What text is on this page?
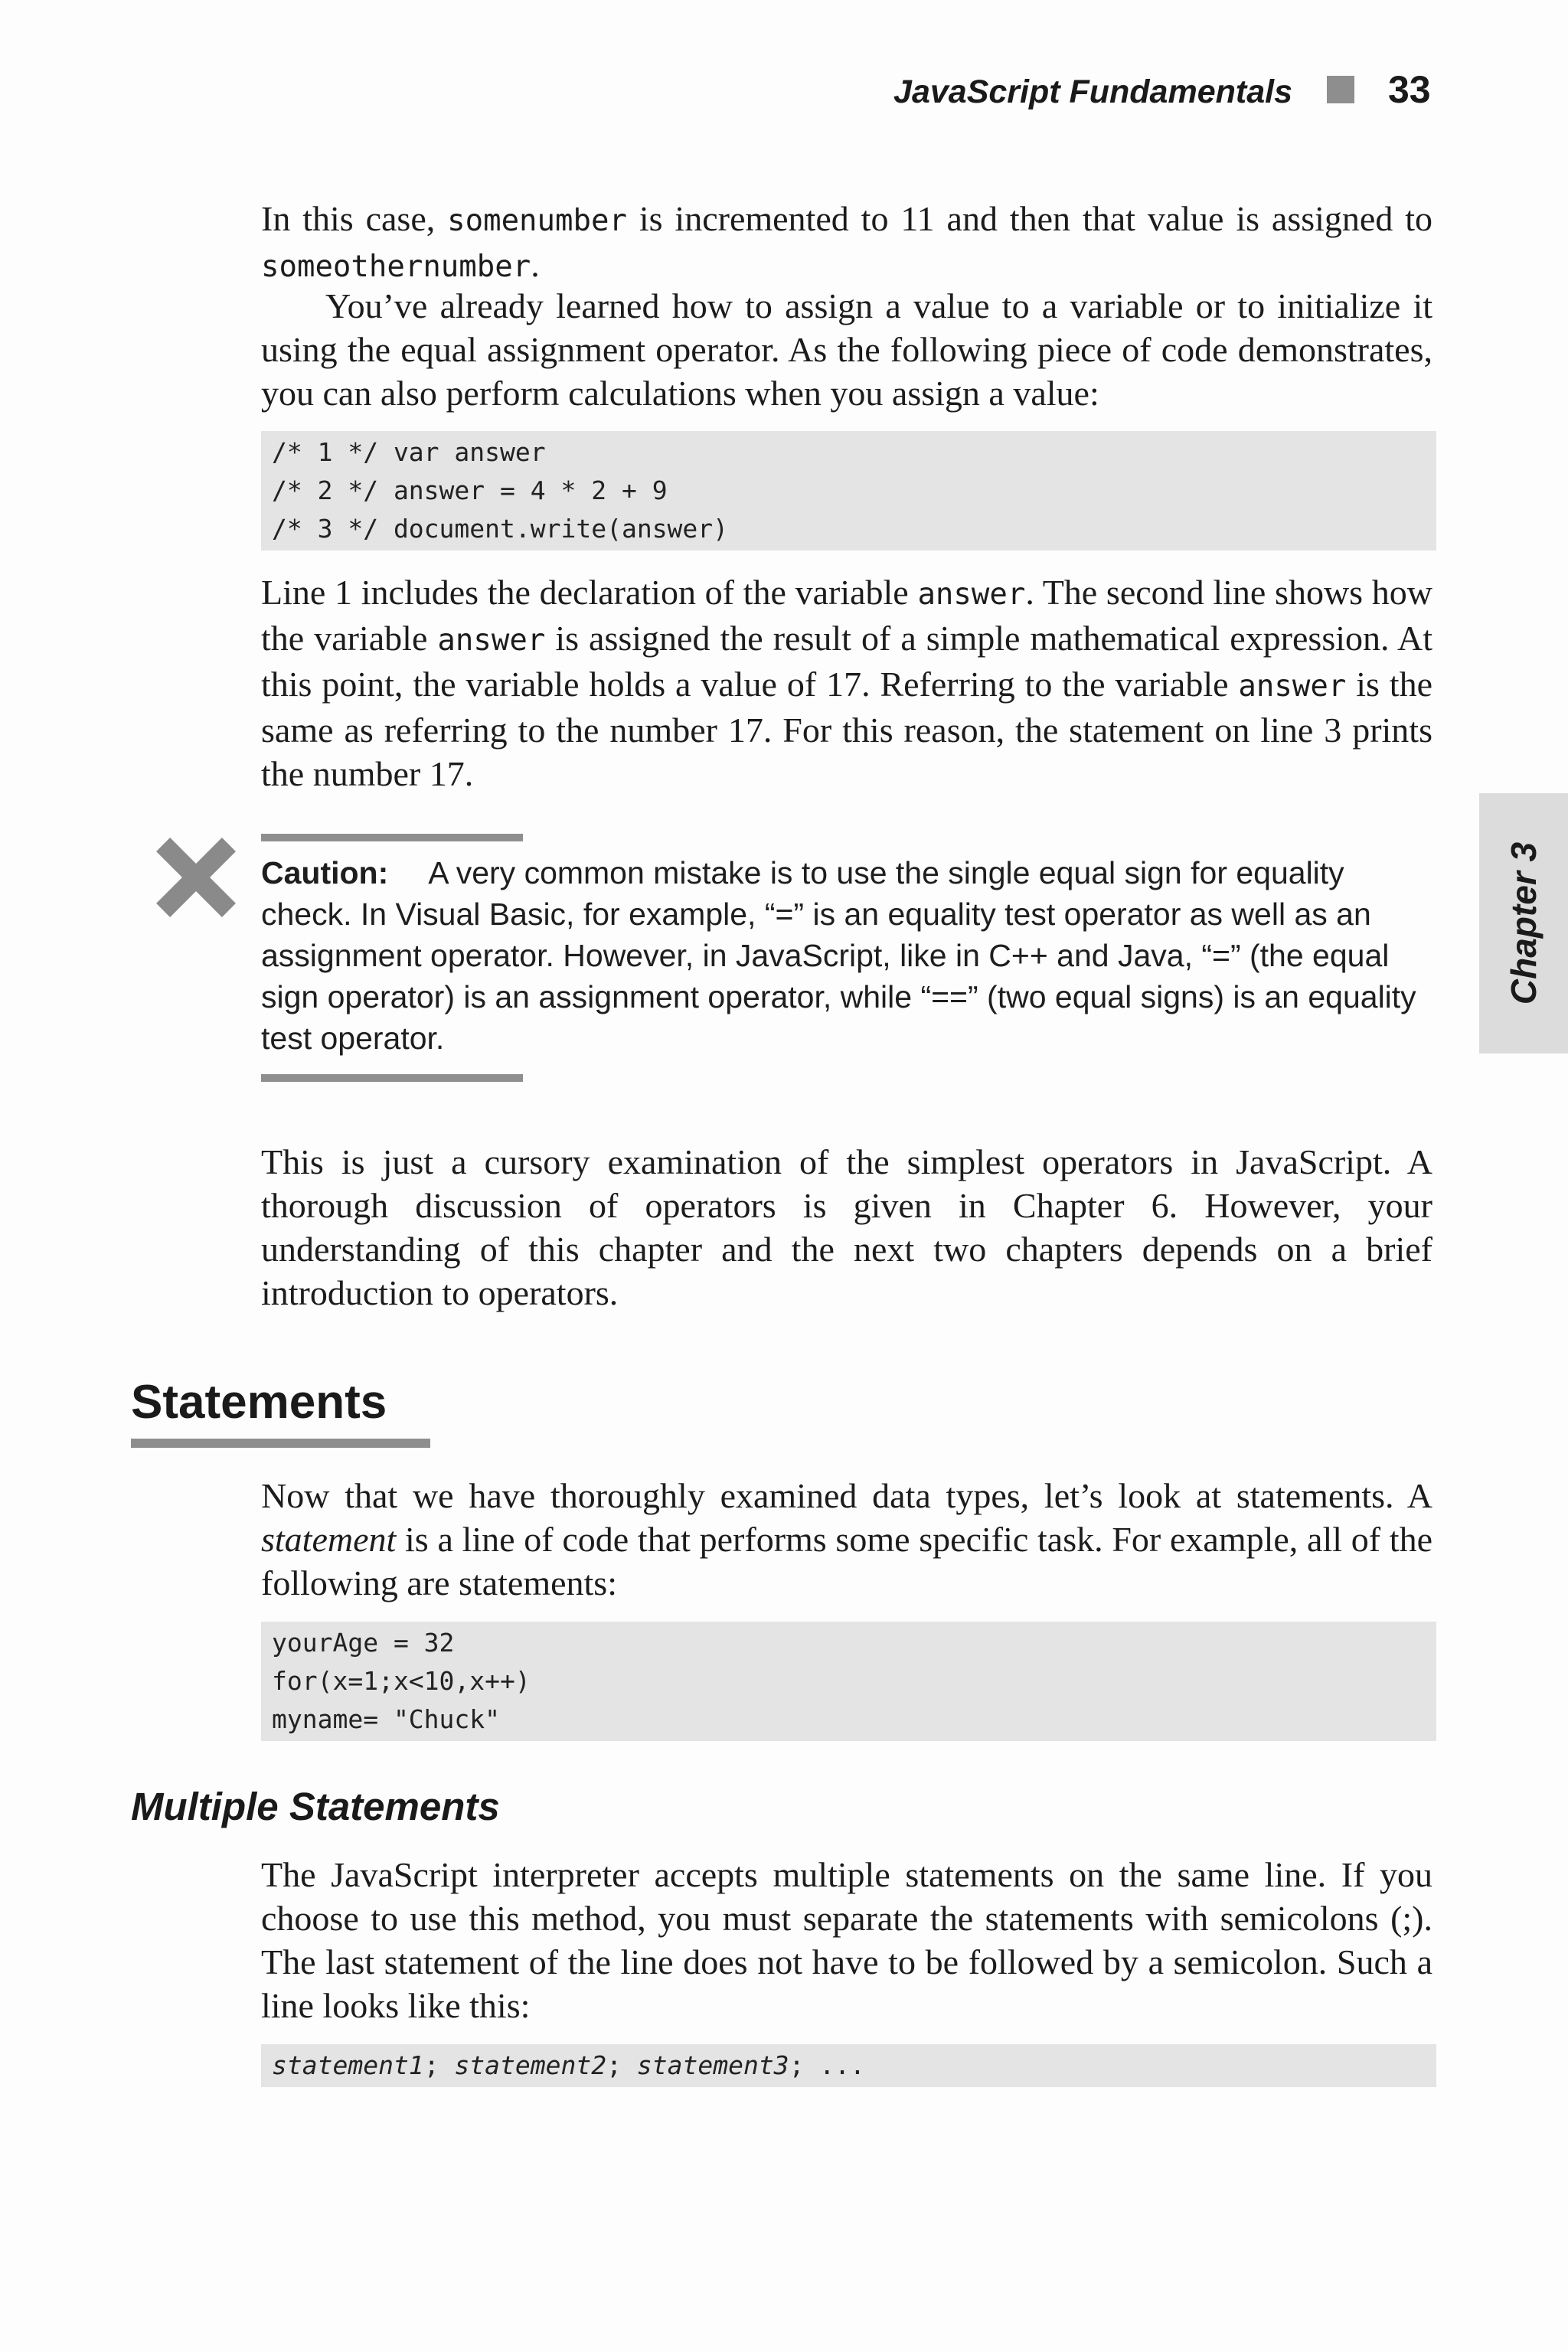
JavaScript Fundamentals	33
Chapter 3

In this case, somenumber is incremented to 11 and then that value is assigned to someothernumber.

You’ve already learned how to assign a value to a variable or to initialize it using the equal assignment operator. As the following piece of code demonstrates, you can also perform calculations when you assign a value:

/* 1 */ var answer
/* 2 */ answer = 4 * 2 + 9
/* 3 */ document.write(answer)

Line 1 includes the declaration of the variable answer. The second line shows how the variable answer is assigned the result of a simple mathematical expression. At this point, the variable holds a value of 17. Referring to the variable answer is the same as referring to the number 17. For this reason, the statement on line 3 prints the number 17.

Caution: A very common mistake is to use the single equal sign for equality check. In Visual Basic, for example, “=” is an equality test operator as well as an assignment operator. However, in JavaScript, like in C++ and Java, “=” (the equal sign operator) is an assignment operator, while “==” (two equal signs) is an equality test operator.

This is just a cursory examination of the simplest operators in JavaScript. A thorough discussion of operators is given in Chapter 6. However, your understanding of this chapter and the next two chapters depends on a brief introduction to operators.

Statements

Now that we have thoroughly examined data types, let’s look at statements. A statement is a line of code that performs some specific task. For example, all of the following are statements:

yourAge = 32
for(x=1;x<10,x++)
myname= "Chuck"
Multiple Statements

The JavaScript interpreter accepts multiple statements on the same line. If you choose to use this method, you must separate the statements with semicolons (;). The last statement of the line does not have to be followed by a semicolon. Such a line looks like this:

statement1; statement2; statement3; ...
